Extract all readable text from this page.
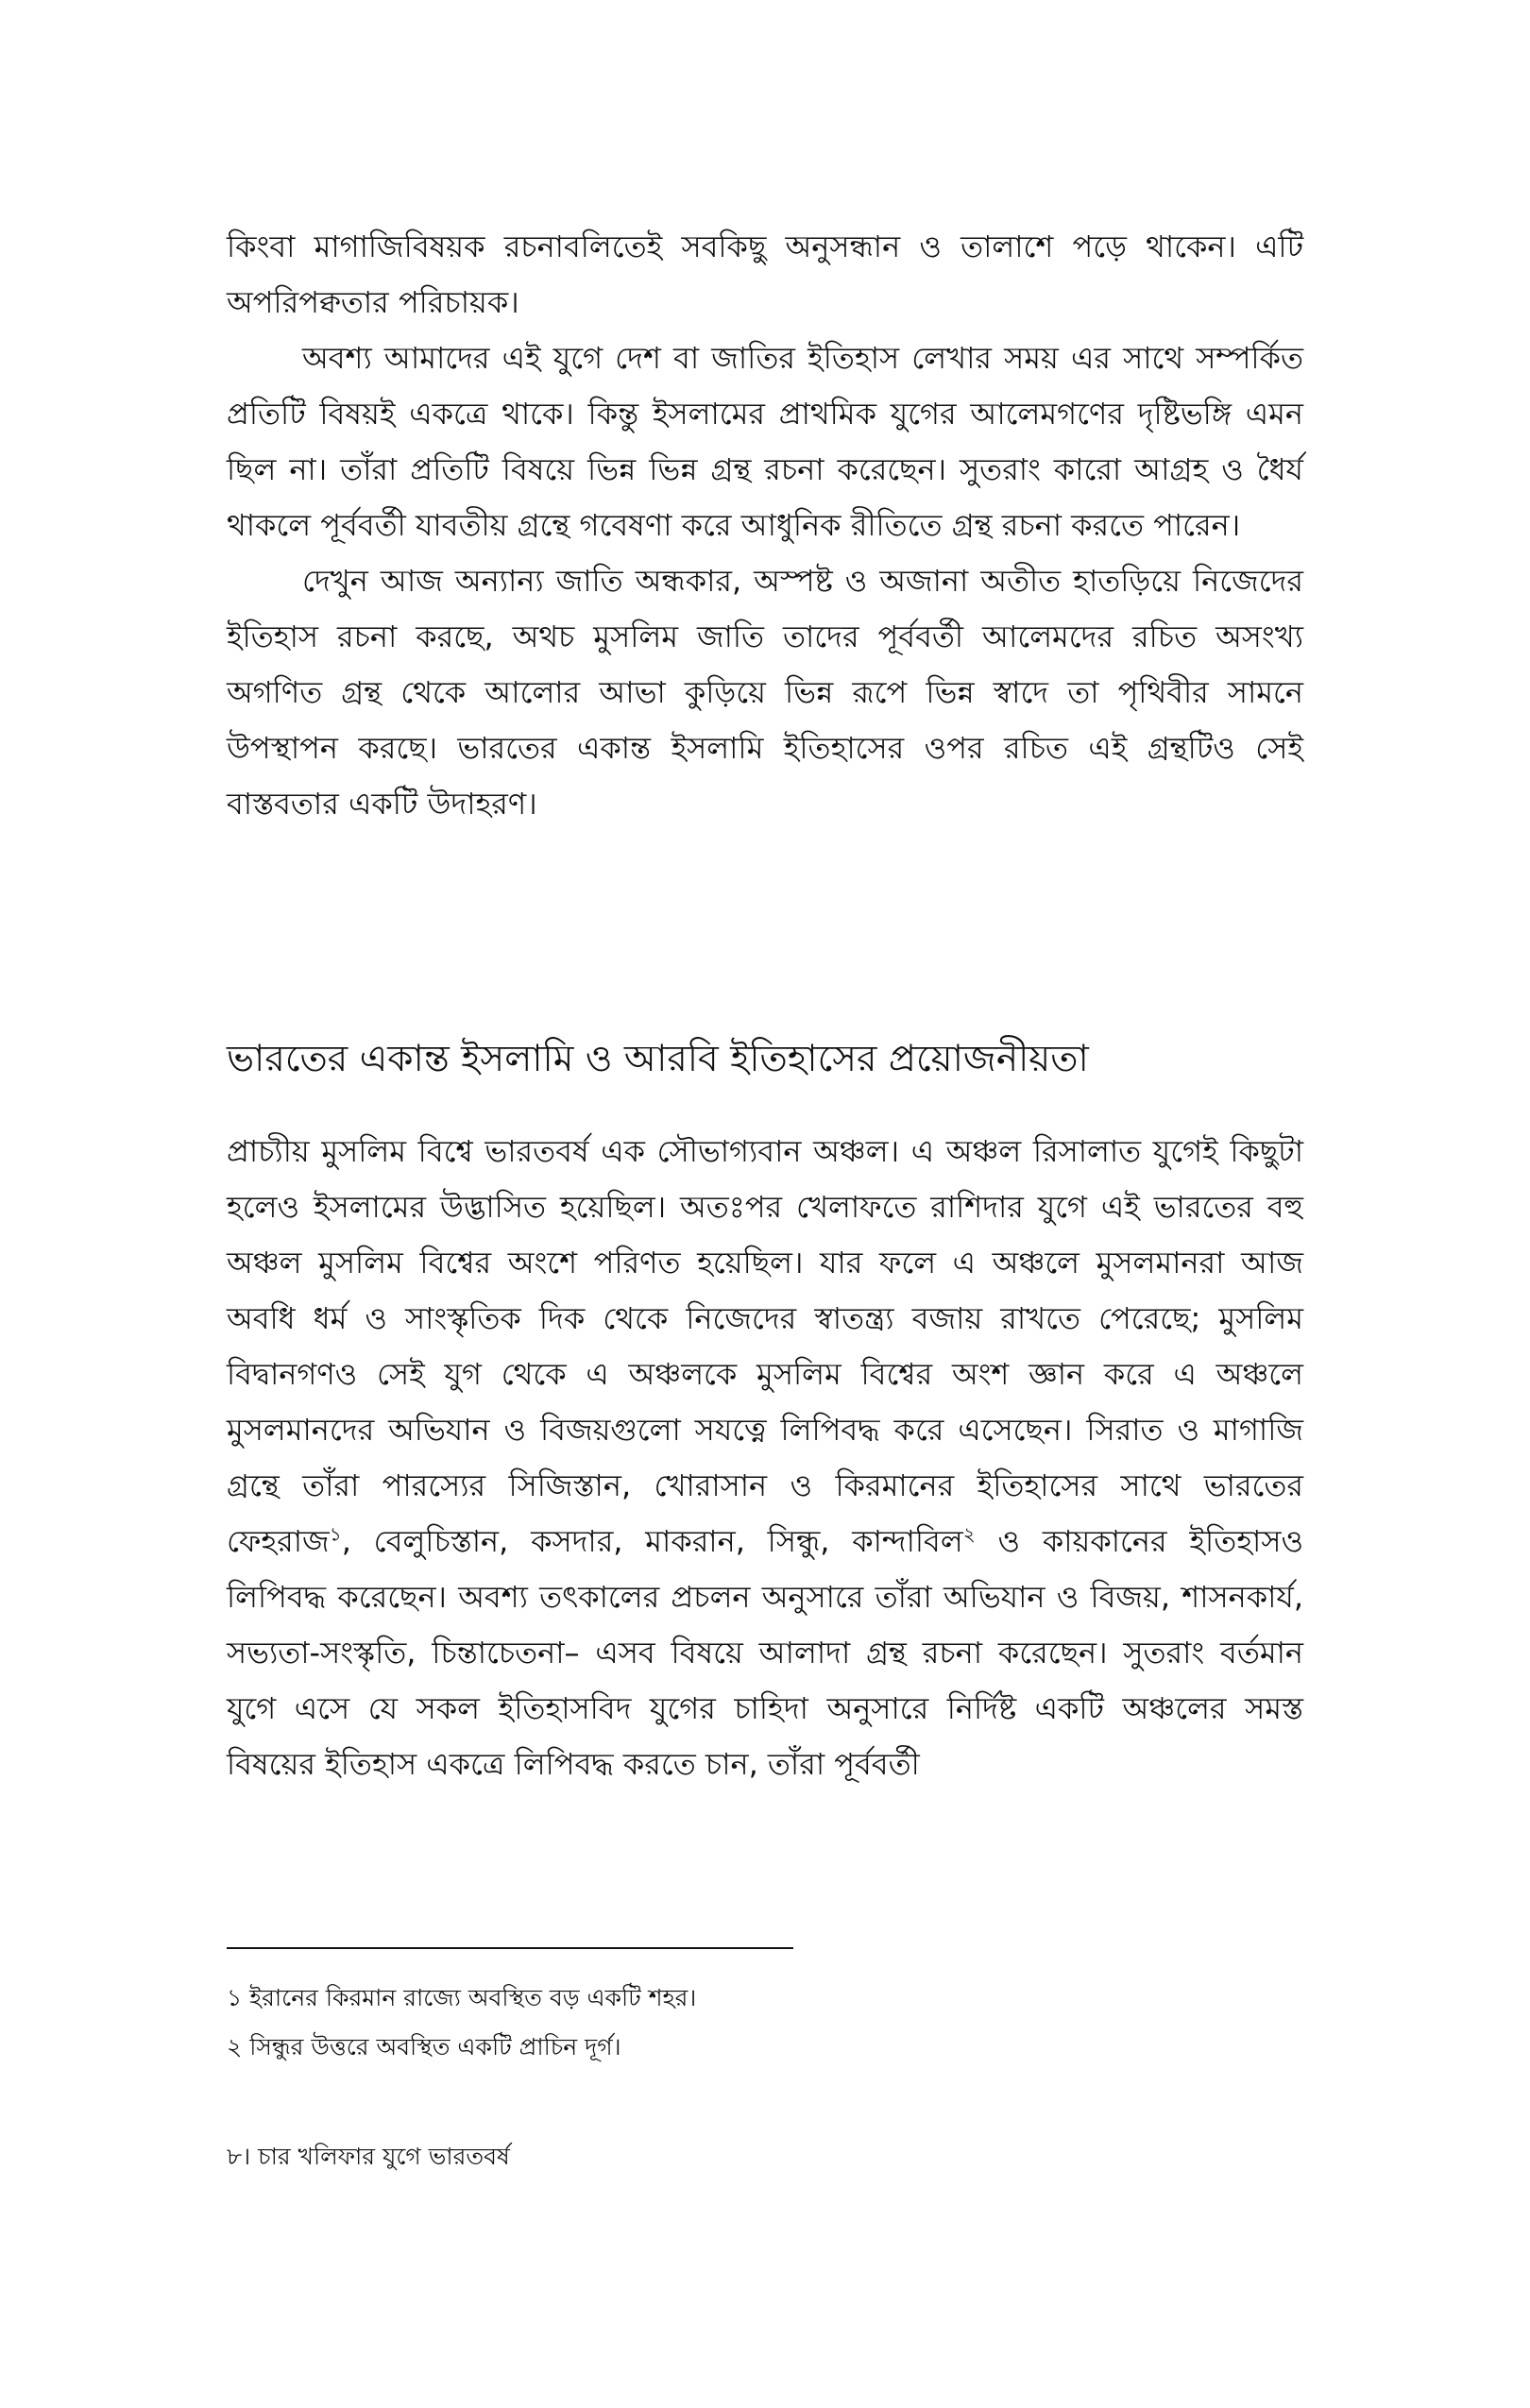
কিংবা মাগাজিবিষয়ক রচনাবলিতেই সবকিছু অনুসন্ধান ও তালাশে পড়ে থাকেন। এটি অপরিপক্বতার পরিচায়ক।

অবশ্য আমাদের এই যুগে দেশ বা জাতির ইতিহাস লেখার সময় এর সাথে সম্পর্কিত প্রতিটি বিষয়ই একত্রে থাকে। কিন্তু ইসলামের প্রাথমিক যুগের আলেমগণের দৃষ্টিভঙ্গি এমন ছিল না। তাঁরা প্রতিটি বিষয়ে ভিন্ন ভিন্ন গ্রন্থ রচনা করেছেন। সুতরাং কারো আগ্রহ ও ধৈর্য থাকলে পূর্ববর্তী যাবতীয় গ্রন্থে গবেষণা করে আধুনিক রীতিতে গ্রন্থ রচনা করতে পারেন।

দেখুন আজ অন্যান্য জাতি অন্ধকার, অস্পষ্ট ও অজানা অতীত হাতড়িয়ে নিজেদের ইতিহাস রচনা করছে, অথচ মুসলিম জাতি তাদের পূর্ববর্তী আলেমদের রচিত অসংখ্য অগণিত গ্রন্থ থেকে আলোর আভা কুড়িয়ে ভিন্ন রূপে ভিন্ন স্বাদে তা পৃথিবীর সামনে উপস্থাপন করছে। ভারতের একান্ত ইসলামি ইতিহাসের ওপর রচিত এই গ্রন্থটিও সেই বাস্তবতার একটি উদাহরণ।

ভারতের একান্ত ইসলামি ও আরবি ইতিহাসের প্রয়োজনীয়তা

প্রাচ্যীয় মুসলিম বিশ্বে ভারতবর্ষ এক সৌভাগ্যবান অঞ্চল। এ অঞ্চল রিসালাত যুগেই কিছুটা হলেও ইসলামের উদ্ভাসিত হয়েছিল। অতঃপর খেলাফতে রাশিদার যুগে এই ভারতের বহু অঞ্চল মুসলিম বিশ্বের অংশে পরিণত হয়েছিল। যার ফলে এ অঞ্চলে মুসলমানরা আজ অবধি ধর্ম ও সাংস্কৃতিক দিক থেকে নিজেদের স্বাতন্ত্র্য বজায় রাখতে পেরেছে; মুসলিম বিদ্বানগণও সেই যুগ থেকে এ অঞ্চলকে মুসলিম বিশ্বের অংশ জ্ঞান করে এ অঞ্চলে মুসলমানদের অভিযান ও বিজয়গুলো সযত্নে লিপিবদ্ধ করে এসেছেন। সিরাত ও মাগাজি গ্রন্থে তাঁরা পারস্যের সিজিস্তান, খোরাসান ও কিরমানের ইতিহাসের সাথে ভারতের ফেহরাজ$^১$, বেলুচিস্তান, কসদার, মাকরান, সিন্ধু, কান্দাবিল$^২$ ও কায়কানের ইতিহাসও লিপিবদ্ধ করেছেন। অবশ্য তৎকালের প্রচলন অনুসারে তাঁরা অভিযান ও বিজয়, শাসনকার্য, সভ্যতা-সংস্কৃতি, চিন্তাচেতনা– এসব বিষয়ে আলাদা গ্রন্থ রচনা করেছেন। সুতরাং বর্তমান যুগে এসে যে সকল ইতিহাসবিদ যুগের চাহিদা অনুসারে নির্দিষ্ট একটি অঞ্চলের সমস্ত বিষয়ের ইতিহাস একত্রে লিপিবদ্ধ করতে চান, তাঁরা পূর্ববর্তী

১ ইরানের কিরমান রাজ্যে অবস্থিত বড় একটি শহর।

২ সিন্ধুর উত্তরে অবস্থিত একটি প্রাচিন দূর্গ।

৮। চার খলিফার যুগে ভারতবর্ষ
